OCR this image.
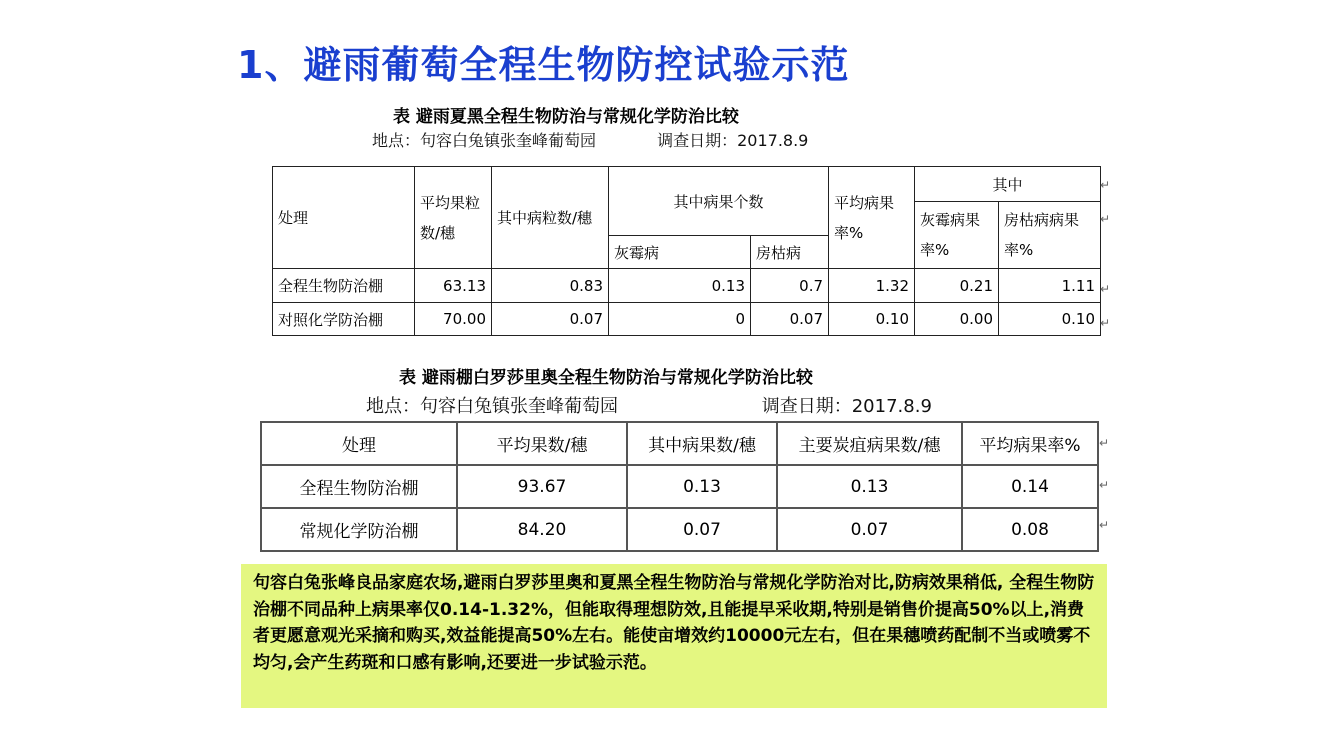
1、避雨葡萄全程生物防控试验示范
表 避雨夏黑全程生物防治与常规化学防治比较
地点：句容白兔镇张奎峰葡萄园	调查日期：2017.8.9
处理	平均果粒数/穗	其中病粒数/穗	其中病果个数		平均病果率%	其中	
						灰霉病果率%	房枯病病果率%
			灰霉病	房枯病			
全程生物防治棚	63.13	0.83	0.13	0.7	1.32	0.21	1.11
对照化学防治棚	70.00	0.07	0	0.07	0.10	0.00	0.10
↵
↵
↵
↵
表 避雨棚白罗莎里奥全程生物防治与常规化学防治比较
地点：句容白兔镇张奎峰葡萄园	调查日期：2017.8.9
处理	平均果数/穗	其中病果数/穗	主要炭疽病果数/穗	平均病果率%
全程生物防治棚	93.67	0.13	0.13	0.14
常规化学防治棚	84.20	0.07	0.07	0.08
↵
↵
↵
句容白兔张峰良品家庭农场,避雨白罗莎里奥和夏黑全程生物防治与常规化学防治对比,防病效果稍低, 全程生物防治棚不同品种上病果率仅0.14-1.32%，但能取得理想防效,且能提早采收期,特别是销售价提高50%以上,消费者更愿意观光采摘和购买,效益能提高50%左右。能使亩增效约10000元左右，但在果穗喷药配制不当或喷雾不均匀,会产生药斑和口感有影响,还要进一步试验示范。
